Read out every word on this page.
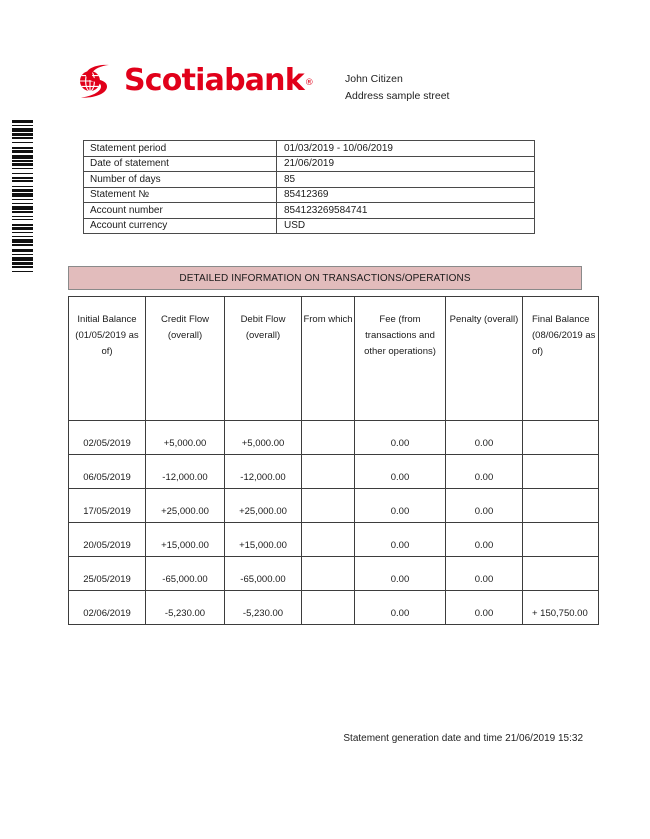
Scotiabank ®	John Citizen
Address sample street
Statement period	01/03/2019 - 10/06/2019
Date of statement	21/06/2019
Number of days	85
Statement №	85412369
Account number	854123269584741
Account currency	USD
DETAILED INFORMATION ON TRANSACTIONS/OPERATIONS
Initial Balance (01/05/2019 as of)	Credit Flow (overall)	Debit Flow (overall)	From which	Fee (from transactions and other operations)	Penalty (overall)	Final Balance (08/06/2019 as of)
02/05/2019	+5,000.00	+5,000.00		0.00	0.00	
06/05/2019	-12,000.00	-12,000.00		0.00	0.00	
17/05/2019	+25,000.00	+25,000.00		0.00	0.00	
20/05/2019	+15,000.00	+15,000.00		0.00	0.00	
25/05/2019	-65,000.00	-65,000.00		0.00	0.00	
02/06/2019	-5,230.00	-5,230.00		0.00	0.00	+ 150,750.00
Statement generation date and time 21/06/2019 15:32
